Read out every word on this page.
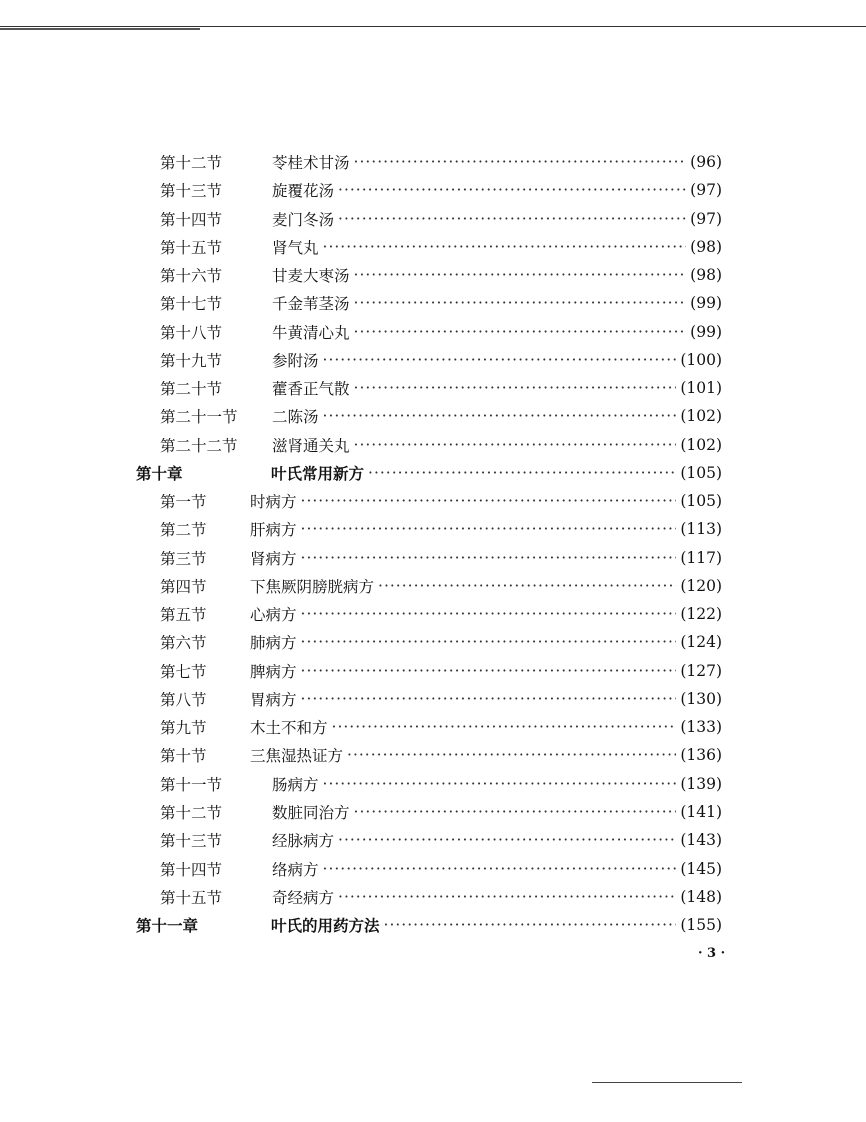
第十二节	苓桂术甘汤 ·····	(96)
第十三节	旋覆花汤 ·····	(97)
第十四节	麦门冬汤 ·····	(97)
第十五节	肾气丸 ·····	(98)
第十六节	甘麦大枣汤 ·····	(98)
第十七节	千金苇茎汤 ·····	(99)
第十八节	牛黄清心丸 ·····	(99)
第十九节	参附汤 ·····	(100)
第二十节	藿香正气散 ·····	(101)
第二十一节	二陈汤 ·····	(102)
第二十二节	滋肾通关丸 ·····	(102)
第十章	叶氏常用新方 ·····	(105)
第一节	时病方 ·····	(105)
第二节	肝病方 ·····	(113)
第三节	肾病方 ·····	(117)
第四节	下焦厥阴膀胱病方 ·····	(120)
第五节	心病方 ·····	(122)
第六节	肺病方 ·····	(124)
第七节	脾病方 ·····	(127)
第八节	胃病方 ·····	(130)
第九节	木土不和方 ·····	(133)
第十节	三焦湿热证方 ·····	(136)
第十一节	肠病方 ·····	(139)
第十二节	数脏同治方 ·····	(141)
第十三节	经脉病方 ·····	(143)
第十四节	络病方 ·····	(145)
第十五节	奇经病方 ·····	(148)
第十一章	叶氏的用药方法 ·····	(155)
· 3 ·
